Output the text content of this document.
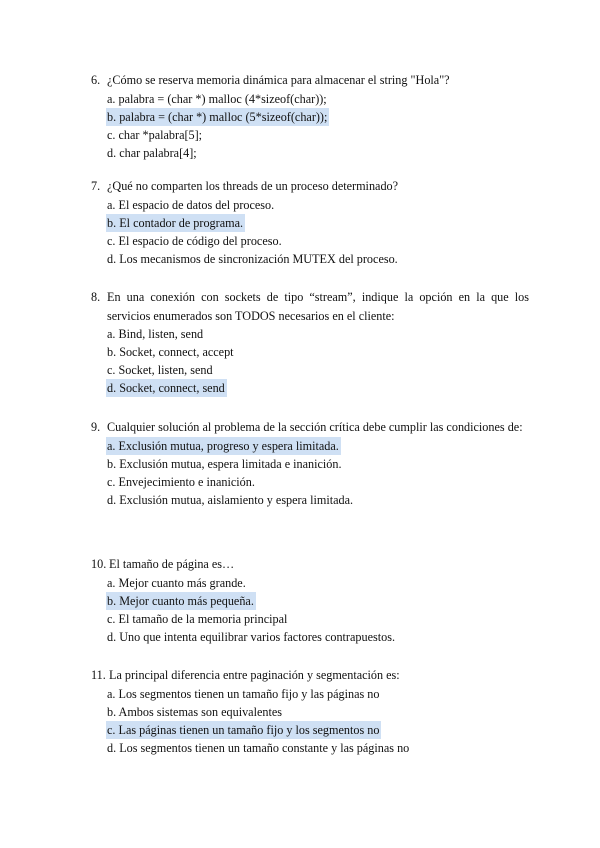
6. ¿Cómo se reserva memoria dinámica para almacenar el string "Hola"?

a. palabra = (char *) malloc (4*sizeof(char));
b. palabra = (char *) malloc (5*sizeof(char));
c. char *palabra[5];
d. char palabra[4];

7. ¿Qué no comparten los threads de un proceso determinado?

a. El espacio de datos del proceso.
b. El contador de programa.
c. El espacio de código del proceso.
d. Los mecanismos de sincronización MUTEX del proceso.

8. En una conexión con sockets de tipo “stream”, indique la opción en la que los servicios enumerados son TODOS necesarios en el cliente:

a. Bind, listen, send
b. Socket, connect, accept
c. Socket, listen, send
d. Socket, connect, send

9. Cualquier solución al problema de la sección crítica debe cumplir las condiciones de:

a. Exclusión mutua, progreso y espera limitada.
b. Exclusión mutua, espera limitada e inanición.
c. Envejecimiento e inanición.
d. Exclusión mutua, aislamiento y espera limitada.

10. El tamaño de página es…

a. Mejor cuanto más grande.
b. Mejor cuanto más pequeña.
c. El tamaño de la memoria principal
d. Uno que intenta equilibrar varios factores contrapuestos.

11. La principal diferencia entre paginación y segmentación es:

a. Los segmentos tienen un tamaño fijo y las páginas no
b. Ambos sistemas son equivalentes
c. Las páginas tienen un tamaño fijo y los segmentos no
d. Los segmentos tienen un tamaño constante y las páginas no
